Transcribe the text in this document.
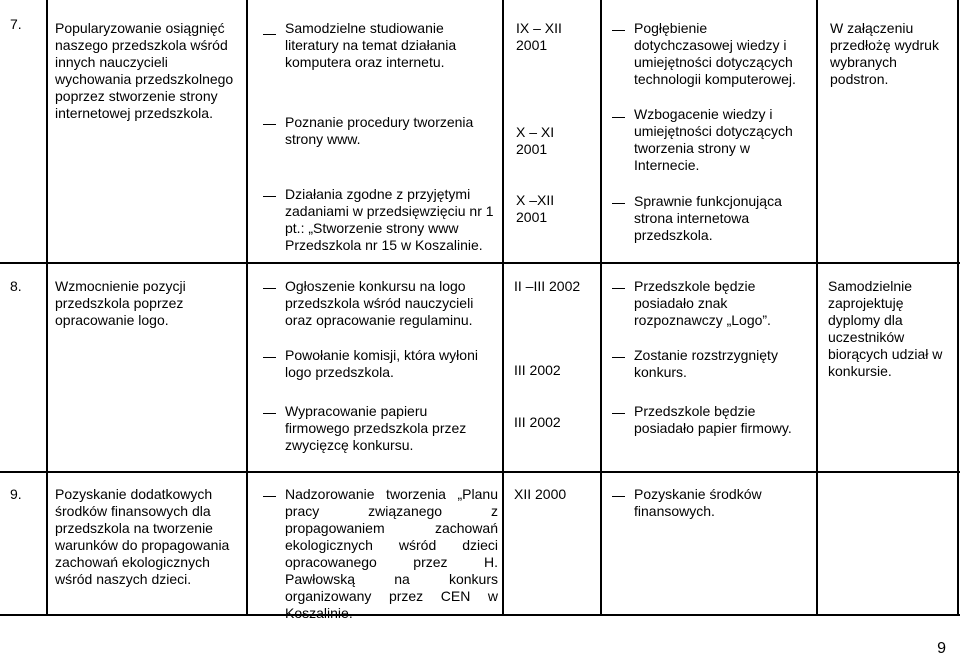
7. Popularyzowanie osiągnięć naszego przedszkola wśród innych nauczycieli wychowania przedszkolnego poprzez stworzenie strony internetowej przedszkola.
Samodzielne studiowanie literatury na temat działania komputera oraz internetu.
Poznanie procedury tworzenia strony www.
Działania zgodne z przyjętymi zadaniami w przedsięwzięciu nr 1 pt.: „Stworzenie strony www Przedszkola nr 15 w Koszalinie.
IX – XII 2001
X – XI 2001
X –XII 2001
Pogłębienie dotychczasowej wiedzy i umiejętności dotyczących technologii komputerowej.
Wzbogacenie wiedzy i umiejętności dotyczących tworzenia strony w Internecie.
Sprawnie funkcjonująca strona internetowa przedszkola.
W załączeniu przedłożę wydruk wybranych podstron.
8. Wzmocnienie pozycji przedszkola poprzez opracowanie logo.
Ogłoszenie konkursu na logo przedszkola wśród nauczycieli oraz opracowanie regulaminu.
Powołanie komisji, która wyłoni logo przedszkola.
Wypracowanie papieru firmowego przedszkola przez zwycięzcę konkursu.
II –III 2002
III 2002
III 2002
Przedszkole będzie posiadało znak rozpoznawczy „Logo”.
Zostanie rozstrzygnięty konkurs.
Przedszkole będzie posiadało papier firmowy.
Samodzielnie zaprojektuję dyplomy dla uczestników biorących udział w konkursie.
9. Pozyskanie dodatkowych środków finansowych dla przedszkola na tworzenie warunków do propagowania zachowań ekologicznych wśród naszych dzieci.
Nadzorowanie tworzenia „Planu pracy związanego z propagowaniem zachowań ekologicznych wśród dzieci opracowanego przez H. Pawłowską na konkurs organizowany przez CEN w Koszalinie.
XII 2000	Pozyskanie środków finansowych.
9
